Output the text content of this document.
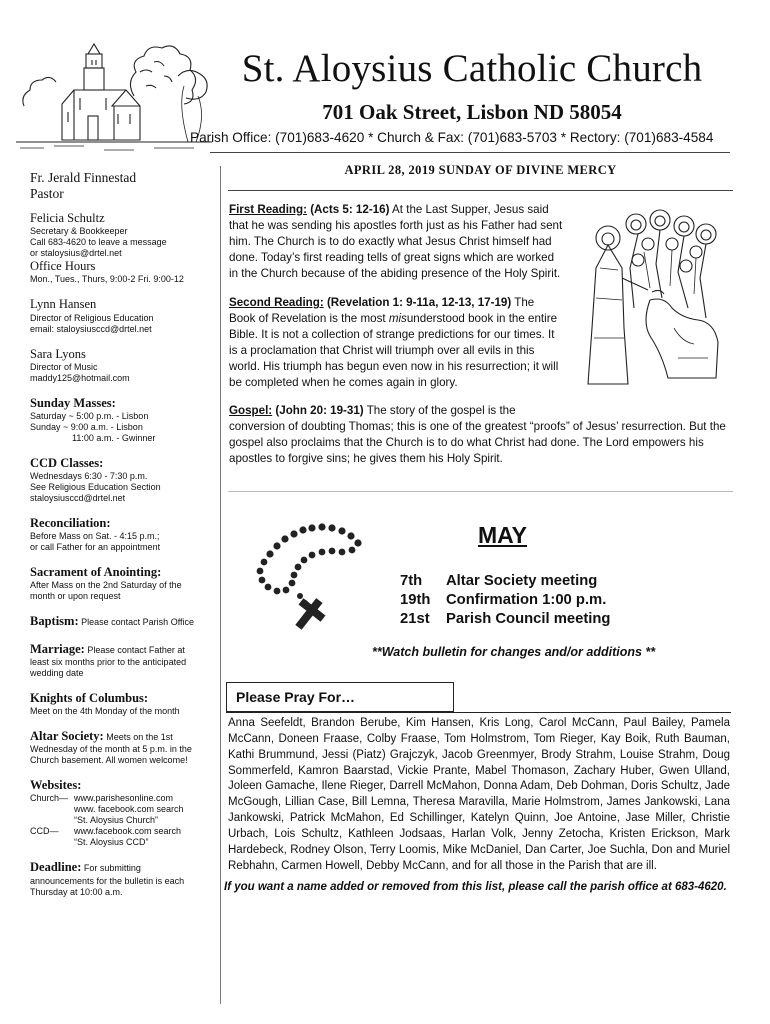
St. Aloysius Catholic Church
701 Oak Street, Lisbon ND 58054
Parish Office: (701)683-4620 * Church & Fax: (701)683-5703 * Rectory: (701)683-4584
Fr. Jerald Finnestad
Pastor
Felicia Schultz
Secretary & Bookkeeper
Call 683-4620 to leave a message
or staloysius@drtel.net
Office Hours
Mon., Tues., Thurs, 9:00-2 Fri. 9:00-12
Lynn Hansen
Director of Religious Education
email: staloysiusccd@drtel.net
Sara Lyons
Director of Music
maddy125@hotmail.com
Sunday Masses:
Saturday ~ 5:00 p.m. - Lisbon
Sunday ~ 9:00 a.m. - Lisbon
11:00 a.m. - Gwinner
CCD Classes:
Wednesdays 6:30 - 7:30 p.m.
See Religious Education Section
staloysiusccd@drtel.net
Reconciliation:
Before Mass on Sat. - 4:15 p.m.;
or call Father for an appointment
Sacrament of Anointing:
After Mass on the 2nd Saturday of the
month or upon request
Baptism: Please contact Parish Office
Marriage: Please contact Father at
least six months prior to the anticipated
wedding date
Knights of Columbus:
Meet on the 4th Monday of the month
Altar Society: Meets on the 1st
Wednesday of the month at 5 p.m. in the
Church basement. All women welcome!
Websites:
Church— www.parishesonline.com
www. facebook.com search
“St. Aloysius Church”
CCD—	www.facebook.com search
“St. Aloysius CCD”
Deadline: For submitting
announcements for the bulletin is each
Thursday at 10:00 a.m.
APRIL 28, 2019 SUNDAY OF DIVINE MERCY
First Reading: (Acts 5: 12-16) At the Last Supper, Jesus said that he was sending his apostles forth just as his Father had sent him. The Church is to do exactly what Jesus Christ himself had done. Today’s first reading tells of great signs which are worked in the Church because of the abiding presence of the Holy Spirit.
Second Reading: (Revelation 1: 9-11a, 12-13, 17-19) The Book of Revelation is the most misunderstood book in the entire Bible. It is not a collection of strange predictions for our times. It is a proclamation that Christ will triumph over all evils in this world. His triumph has begun even now in his resurrection; it will be completed when he comes again in glory.
Gospel: (John 20: 19-31) The story of the gospel is the
conversion of doubting Thomas; this is one of the greatest “proofs” of Jesus’ resurrection. But the gospel also proclaims that the Church is to do what Christ had done. The Lord empowers his apostles to forgive sins; he gives them his Holy Spirit.
MAY
7th	Altar Society meeting
19th	Confirmation 1:00 p.m.
21st	Parish Council meeting
**Watch bulletin for changes and/or additions **
Please Pray For…
Anna Seefeldt, Brandon Berube, Kim Hansen, Kris Long, Carol McCann, Paul Bailey, Pamela McCann, Doneen Fraase, Colby Fraase, Tom Holmstrom, Tom Rieger, Kay Boik, Ruth Bauman, Kathi Brummund, Jessi (Piatz) Grajczyk, Jacob Greenmyer, Brody Strahm, Louise Strahm, Doug Sommerfeld, Kamron Baarstad, Vickie Prante, Mabel Thomason, Zachary Huber, Gwen Ulland, Joleen Gamache, Ilene Rieger, Darrell McMahon, Donna Adam, Deb Dohman, Doris Schultz, Jade McGough, Lillian Case, Bill Lemna, Theresa Maravilla, Marie Holmstrom, James Jankowski, Lana Jankowski, Patrick McMahon, Ed Schillinger, Katelyn Quinn, Joe Antoine, Jase Miller, Christie Urbach, Lois Schultz, Kathleen Jodsaas, Harlan Volk, Jenny Zetocha, Kristen Erickson, Mark Hardebeck, Rodney Olson, Terry Loomis, Mike McDaniel, Dan Carter, Joe Suchla, Don and Muriel Rebhahn, Carmen Howell, Debby McCann, and for all those in the Parish that are ill.
If you want a name added or removed from this list, please call the parish office at 683-4620.
